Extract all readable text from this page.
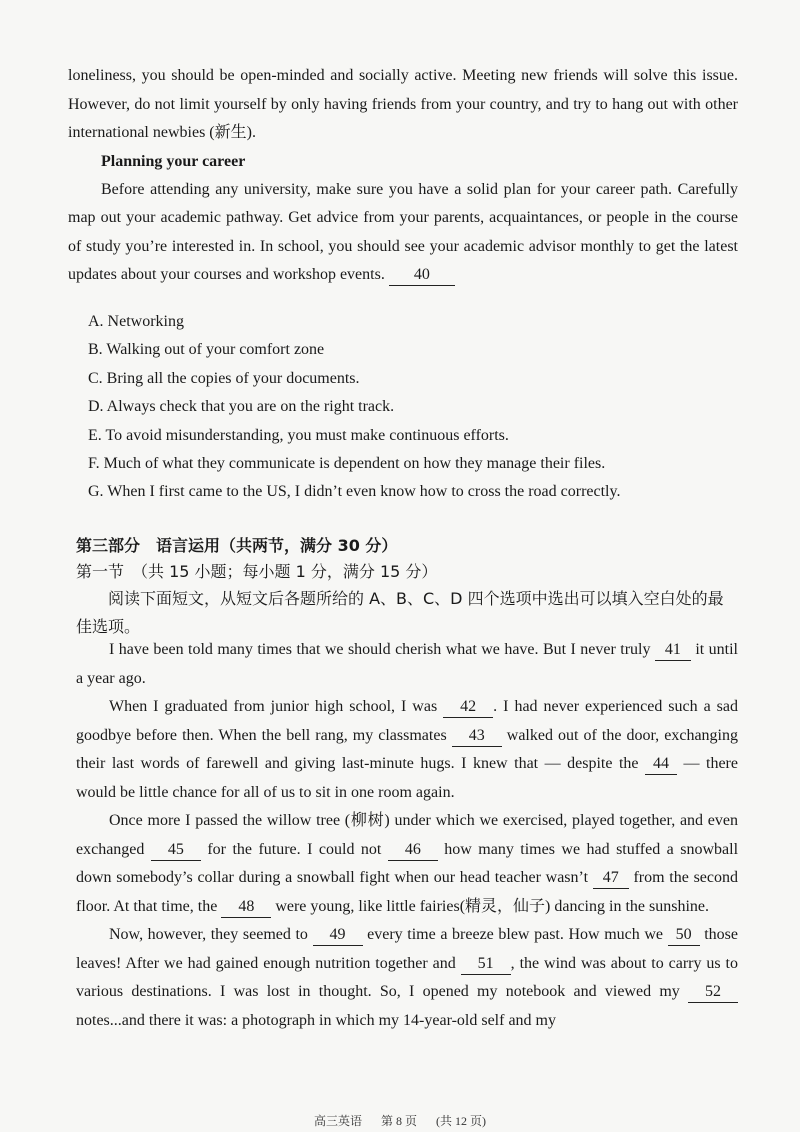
loneliness, you should be open-minded and socially active. Meeting new friends will solve this issue. However, do not limit yourself by only having friends from your country, and try to hang out with other international newbies (新生).

Planning your career

Before attending any university, make sure you have a solid plan for your career path. Carefully map out your academic pathway. Get advice from your parents, acquaintances, or people in the course of study you’re interested in. In school, you should see your academic advisor monthly to get the latest updates about your courses and workshop events. 40

A. Networking

B. Walking out of your comfort zone

C. Bring all the copies of your documents.

D. Always check that you are on the right track.

E. To avoid misunderstanding, you must make continuous efforts.

F. Much of what they communicate is dependent on how they manage their files.

G. When I first came to the US, I didn’t even know how to cross the road correctly.

第三部分　语言运用（共两节，满分 30 分）

第一节　（共 15 小题；每小题 1 分，满分 15 分）

阅读下面短文，从短文后各题所给的 A、B、C、D 四个选项中选出可以填入空白处的最佳选项。

I have been told many times that we should cherish what we have. But I never truly 41 it until a year ago.

When I graduated from junior high school, I was 42 . I had never experienced such a sad goodbye before then. When the bell rang, my classmates 43 walked out of the door, exchanging their last words of farewell and giving last-minute hugs. I knew that — despite the 44 — there would be little chance for all of us to sit in one room again.

Once more I passed the willow tree (柳树) under which we exercised, played together, and even exchanged 45 for the future. I could not 46 how many times we had stuffed a snowball down somebody’s collar during a snowball fight when our head teacher wasn’t 47 from the second floor. At that time, the 48 were young, like little fairies(精灵，仙子) dancing in the sunshine.

Now, however, they seemed to 49 every time a breeze blew past. How much we 50 those leaves! After we had gained enough nutrition together and 51 , the wind was about to carry us to various destinations. I was lost in thought. So, I opened my notebook and viewed my 52 notes...and there it was: a photograph in which my 14-year-old self and my

高三英语 第 8 页 (共 12 页)
